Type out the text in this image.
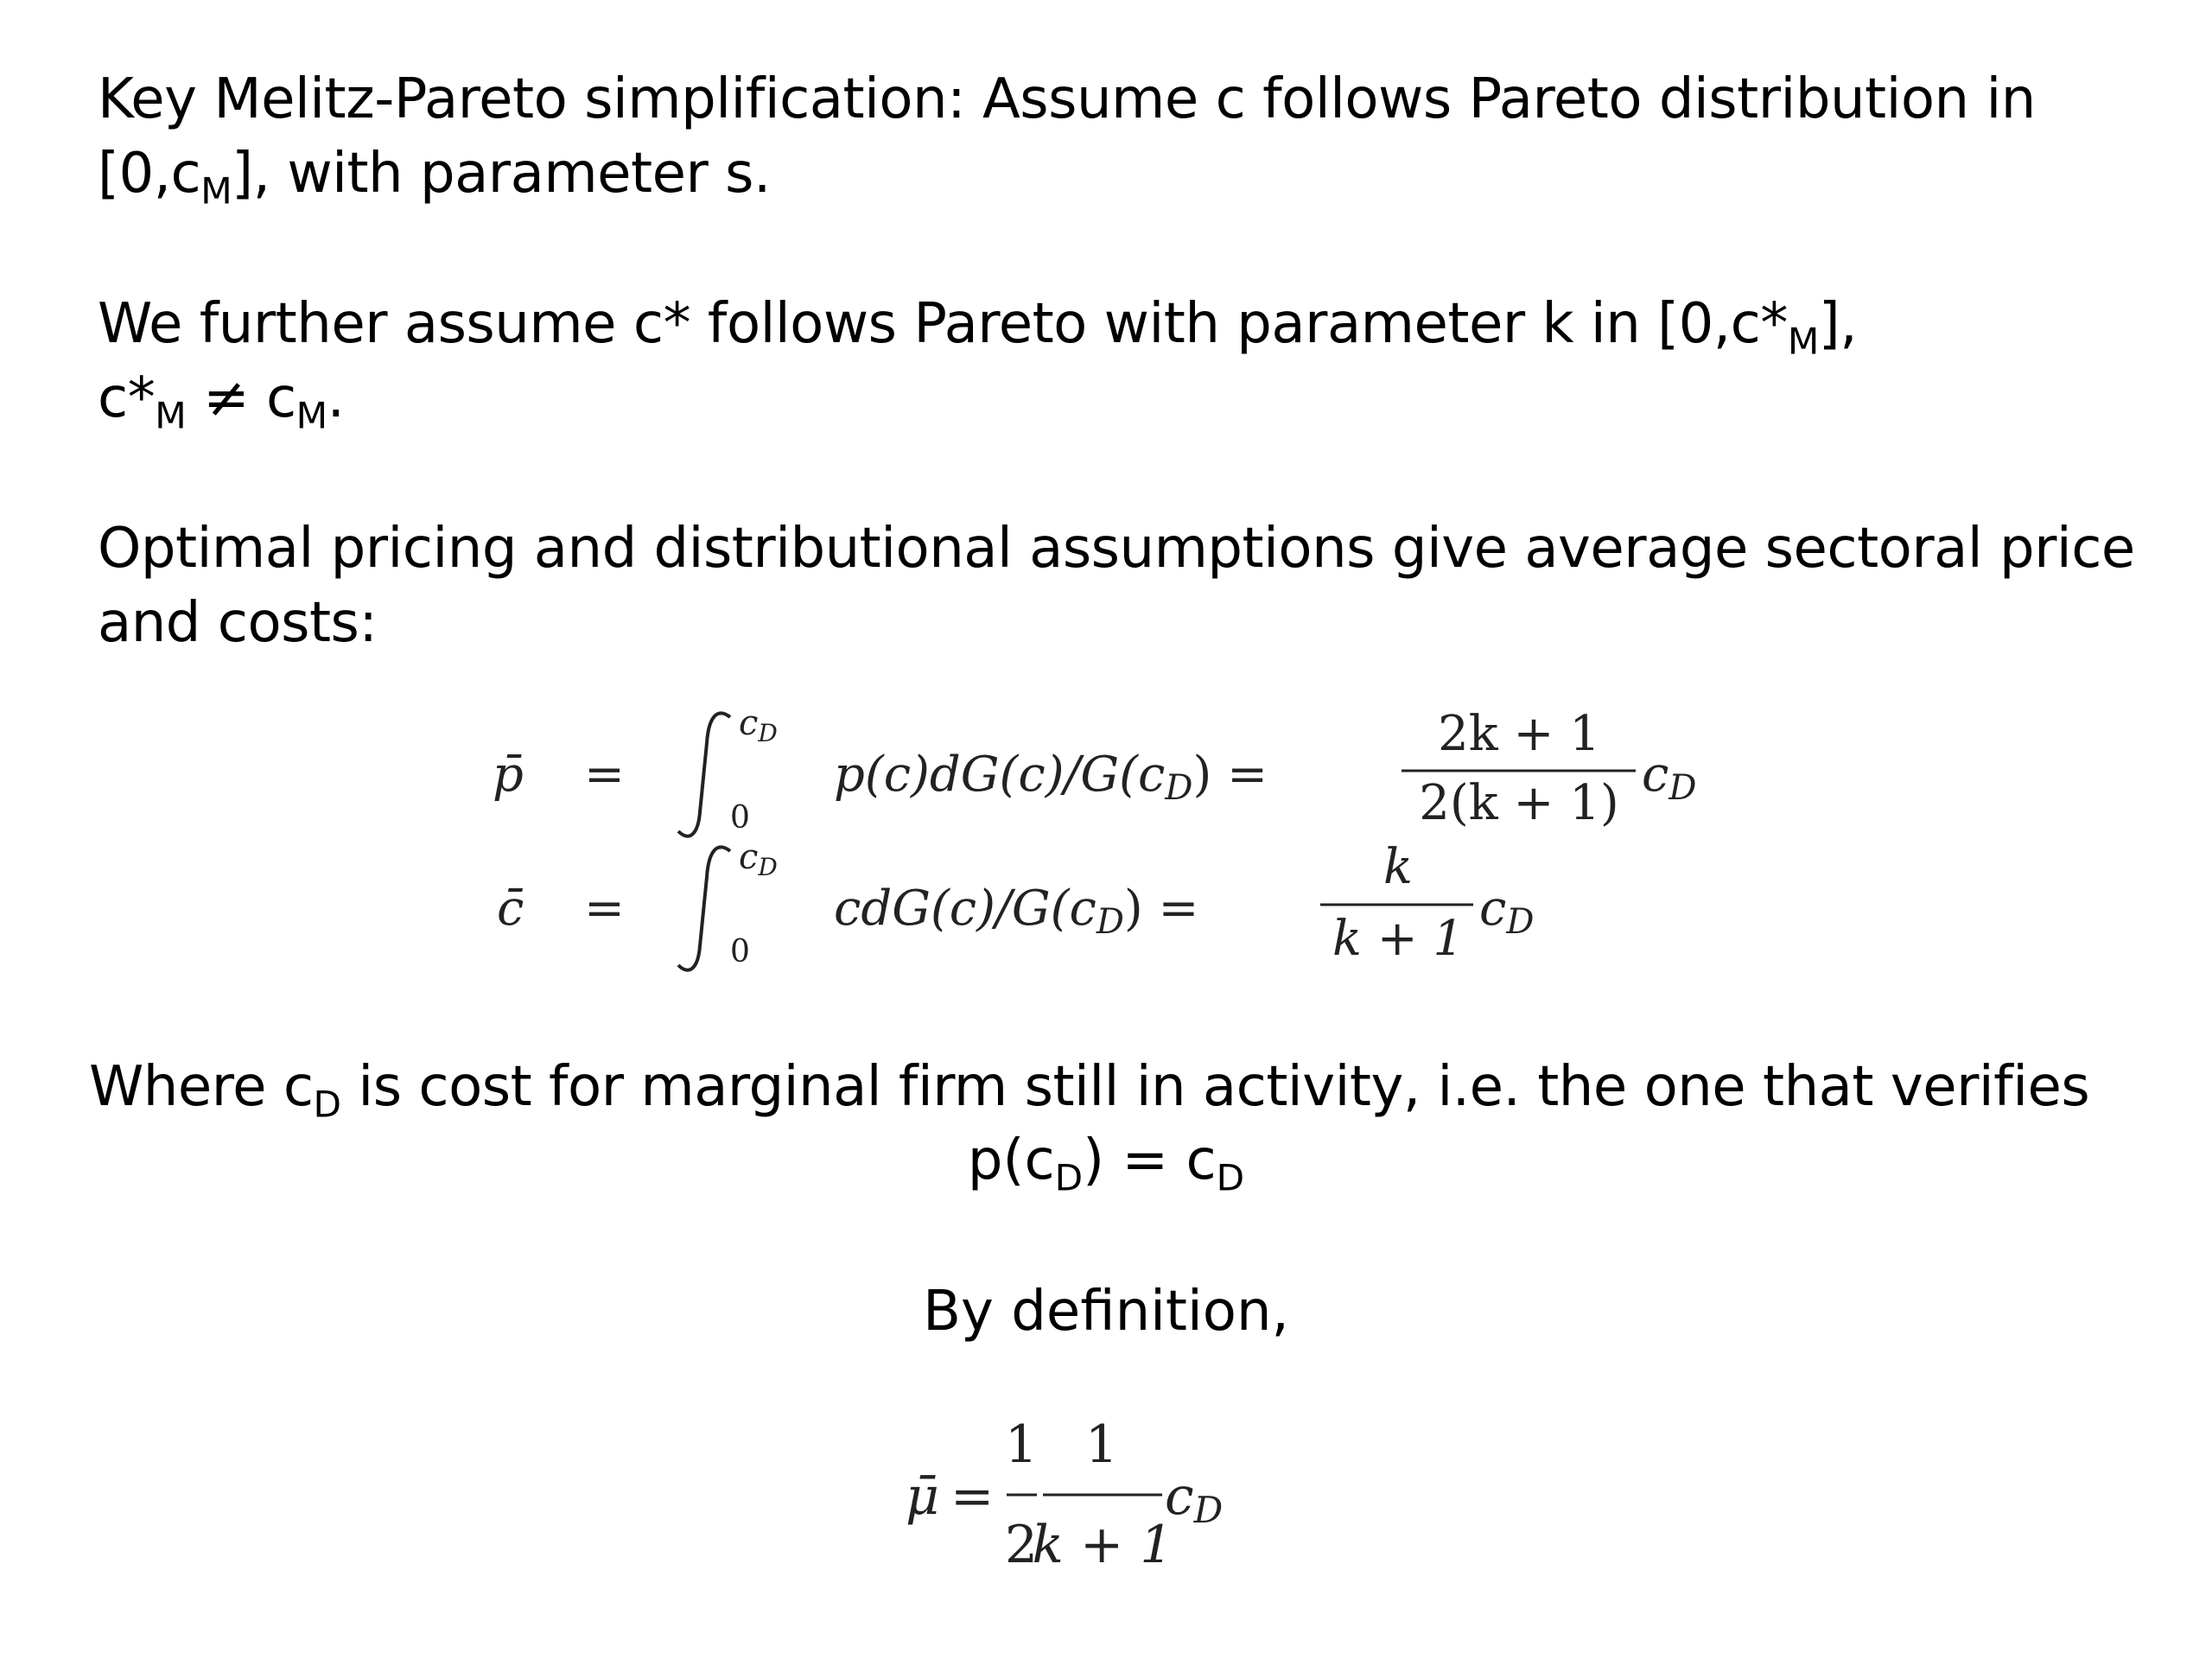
Key Melitz-Pareto simplification: Assume c follows Pareto distribution in
$[0,c_M]$, with parameter s.
We further assume c* follows Pareto with parameter k in $[0,c*_M]$,
$c*_M \ne c_M$.
Optimal pricing and distributional assumptions give average sectoral price
and costs:
p̄ =
$c_D$
0
p(c)dG(c)/G(cD) =
2k + 1
2(k + 1)
cD
c̄ =
$c_D$
0
cdG(c)/G(cD) =
k
k + 1
cD
Where $c_D$ is cost for marginal firm still in activity, i.e. the one that verifies
$p(c_D) = c_D$
By definition,
μ̄ =
1
2
1
k + 1
cD
